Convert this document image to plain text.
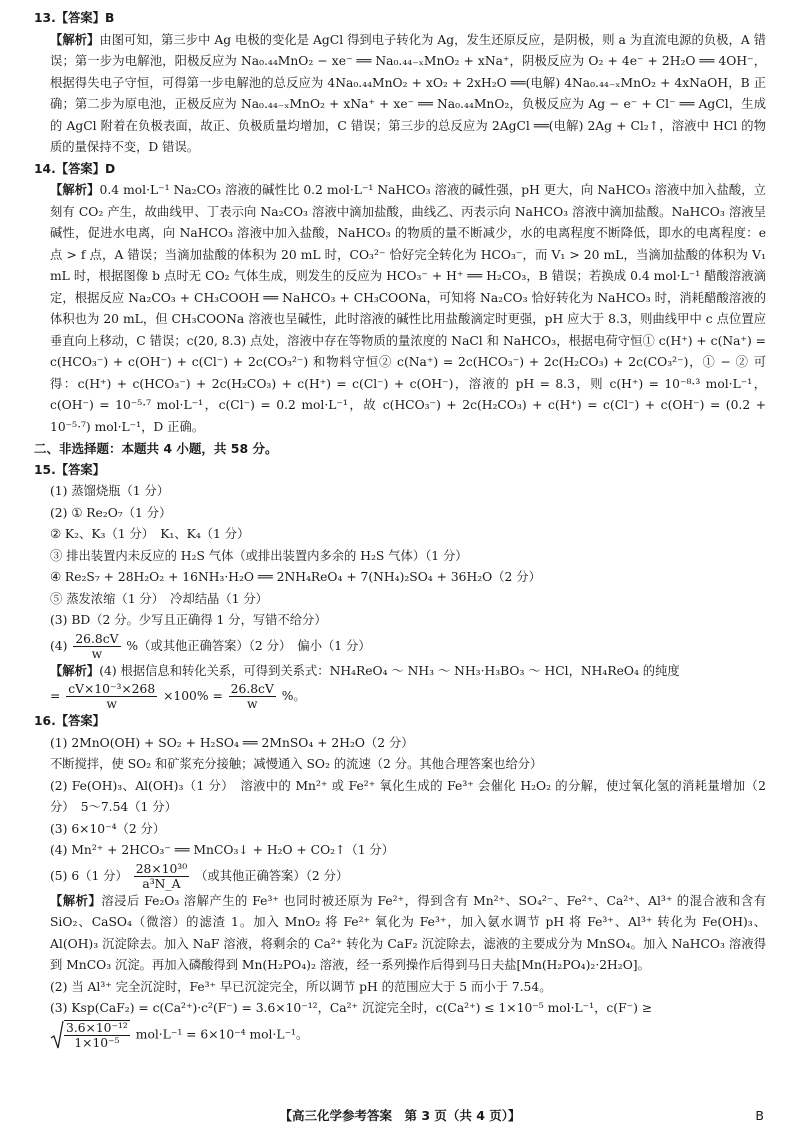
13.【答案】B
【解析】由图可知，第三步中 Ag 电极的变化是 AgCl 得到电子转化为 Ag，发生还原反应，是阴极，则 a 为直流电源的负极，A 错误；第一步为电解池，阳极反应为 Na₀.₄₄MnO₂ − xe⁻ ══ Na₀.₄₄₋ₓMnO₂ + xNa⁺，阴极反应为 O₂ + 4e⁻ + 2H₂O ══ 4OH⁻，根据得失电子守恒，可得第一步电解池的总反应为 4Na₀.₄₄MnO₂ + xO₂ + 2xH₂O ══(电解) 4Na₀.₄₄₋ₓMnO₂ + 4xNaOH，B 正确；第二步为原电池，正极反应为 Na₀.₄₄₋ₓMnO₂ + xNa⁺ + xe⁻ ══ Na₀.₄₄MnO₂，负极反应为 Ag − e⁻ + Cl⁻ ══ AgCl，生成的 AgCl 附着在负极表面，故正、负极质量均增加，C 错误；第三步的总反应为 2AgCl ══(电解) 2Ag + Cl₂↑，溶液中 HCl 的物质的量保持不变，D 错误。
14.【答案】D
【解析】0.4 mol·L⁻¹ Na₂CO₃ 溶液的碱性比 0.2 mol·L⁻¹ NaHCO₃ 溶液的碱性强，pH 更大，向 NaHCO₃ 溶液中加入盐酸，立刻有 CO₂ 产生，故曲线甲、丁表示向 Na₂CO₃ 溶液中滴加盐酸，曲线乙、丙表示向 NaHCO₃ 溶液中滴加盐酸。NaHCO₃ 溶液呈碱性，促进水电离，向 NaHCO₃ 溶液中加入盐酸，NaHCO₃ 的物质的量不断减少，水的电离程度不断降低，即水的电离程度：e 点 > f 点，A 错误；当滴加盐酸的体积为 20 mL 时，CO₃²⁻ 恰好完全转化为 HCO₃⁻，而 V₁ > 20 mL，当滴加盐酸的体积为 V₁ mL 时，根据图像 b 点时无 CO₂ 气体生成，则发生的反应为 HCO₃⁻ + H⁺ ══ H₂CO₃，B 错误；若换成 0.4 mol·L⁻¹ 醋酸溶液滴定，根据反应 Na₂CO₃ + CH₃COOH ══ NaHCO₃ + CH₃COONa，可知将 Na₂CO₃ 恰好转化为 NaHCO₃ 时，消耗醋酸溶液的体积也为 20 mL，但 CH₃COONa 溶液也呈碱性，此时溶液的碱性比用盐酸滴定时更强，pH 应大于 8.3，则曲线甲中 c 点位置应垂直向上移动，C 错误；c(20, 8.3) 点处，溶液中存在等物质的量浓度的 NaCl 和 NaHCO₃，根据电荷守恒① c(H⁺) + c(Na⁺) = c(HCO₃⁻) + c(OH⁻) + c(Cl⁻) + 2c(CO₃²⁻) 和物料守恒② c(Na⁺) = 2c(HCO₃⁻) + 2c(H₂CO₃) + 2c(CO₃²⁻)，① − ② 可得：c(H⁺) + c(HCO₃⁻) + 2c(H₂CO₃) + c(H⁺) = c(Cl⁻) + c(OH⁻)，溶液的 pH = 8.3，则 c(H⁺) = 10⁻⁸·³ mol·L⁻¹，c(OH⁻) = 10⁻⁵·⁷ mol·L⁻¹，c(Cl⁻) = 0.2 mol·L⁻¹，故 c(HCO₃⁻) + 2c(H₂CO₃) + c(H⁺) = c(Cl⁻) + c(OH⁻) = (0.2 + 10⁻⁵·⁷) mol·L⁻¹，D 正确。
二、非选择题：本题共 4 小题，共 58 分。
15.【答案】
(1) 蒸馏烧瓶（1 分）
(2) ① Re₂O₇（1 分）
② K₂、K₃（1 分）　K₁、K₄（1 分）
③ 排出装置内未反应的 H₂S 气体（或排出装置内多余的 H₂S 气体）（1 分）
④ Re₂S₇ + 28H₂O₂ + 16NH₃·H₂O ══ 2NH₄ReO₄ + 7(NH₄)₂SO₄ + 36H₂O（2 分）
⑤ 蒸发浓缩（1 分）　冷却结晶（1 分）
(3) BD（2 分。少写且正确得 1 分，写错不给分）
$(4) \frac{26.8cV}{w}$ %（或其他正确答案）（2 分）　偏小（1 分）
【解析】(4) 根据信息和转化关系，可得到关系式：NH₄ReO₄ ～ NH₃ ～ NH₃·H₃BO₃ ～ HCl，NH₄ReO₄ 的纯度
= $\frac{\text{cV×10⁻³×268}}{w} \times 100\% = \frac{26.8cV}{w}$ %。
16.【答案】
(1) 2MnO(OH) + SO₂ + H₂SO₄ ══ 2MnSO₄ + 2H₂O（2 分）
不断搅拌，使 SO₂ 和矿浆充分接触；减慢通入 SO₂ 的流速（2 分。其他合理答案也给分）
(2) Fe(OH)₃、Al(OH)₃（1 分）　溶液中的 Mn²⁺ 或 Fe²⁺ 氧化生成的 Fe³⁺ 会催化 H₂O₂ 的分解，使过氧化氢的消耗量增加（2 分）　5～7.54（1 分）
(3) 6×10⁻⁴（2 分）
(4) Mn²⁺ + 2HCO₃⁻ ══ MnCO₃↓ + H₂O + CO₂↑（1 分）
(5) 6（1 分） $\frac{\text{28×10³⁰}}{\text{a³N\_A}}$ （或其他正确答案）（2 分）
【解析】溶浸后 Fe₂O₃ 溶解产生的 Fe³⁺ 也同时被还原为 Fe²⁺，得到含有 Mn²⁺、SO₄²⁻、Fe²⁺、Ca²⁺、Al³⁺ 的混合液和含有 SiO₂、CaSO₄（微溶）的滤渣 1。加入 MnO₂ 将 Fe²⁺ 氧化为 Fe³⁺，加入氨水调节 pH 将 Fe³⁺、Al³⁺ 转化为 Fe(OH)₃、Al(OH)₃ 沉淀除去。加入 NaF 溶液，将剩余的 Ca²⁺ 转化为 CaF₂ 沉淀除去，滤液的主要成分为 MnSO₄。加入 NaHCO₃ 溶液得到 MnCO₃ 沉淀。再加入磷酸得到 Mn(H₂PO₄)₂ 溶液，经一系列操作后得到马日夫盐[Mn(H₂PO₄)₂·2H₂O]。
(2) 当 Al³⁺ 完全沉淀时，Fe³⁺ 早已沉淀完全，所以调节 pH 的范围应大于 5 而小于 7.54。
(3) Ksp(CaF₂) = c(Ca²⁺)·c²(F⁻) = 3.6×10⁻¹²，Ca²⁺ 沉淀完全时，c(Ca²⁺) ≤ 1×10⁻⁵ mol·L⁻¹，c(F⁻) ≥
$\frac{\text{3.6×10⁻¹²}}{\text{1×10⁻⁵}} mol\cdot L^{-1} = 6\times 10^{-4}$ mol·L⁻¹。
【高三化学参考答案　第 3 页（共 4 页）】	B
